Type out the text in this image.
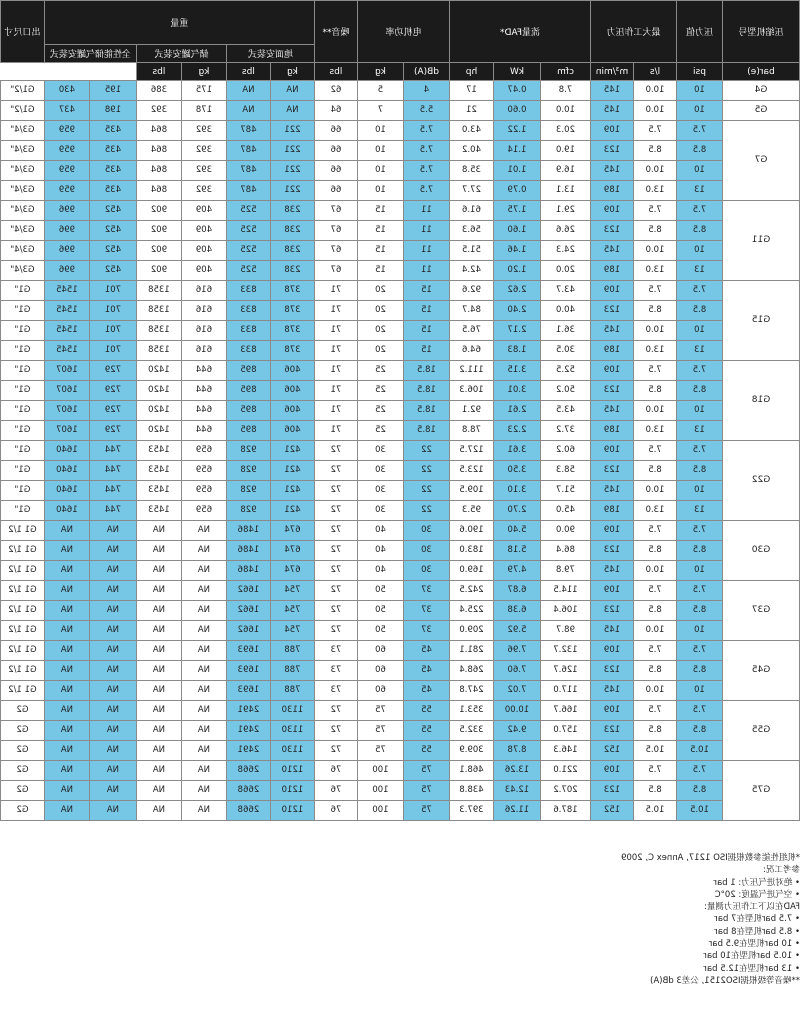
压缩机型号	压力值	最大工作压力		流量FAD*			电机功率		噪音**	重量						出口尺寸
										地面安装式		储气罐安装式		全性能储气罐安装式		
bar(e)	psi	l/s	m³/min	cfm	kW	hp	dB(A)	kg	lbs	kg	lbs	kg	lbs			
G4	10	10.0	145	7.8	0.47	17	4	5	62	NA	NA	175	386	195	430	G1/2"
G5	10	10.0	145	10.0	0.60	21	5.5	7	64	NA	NA	178	392	198	437	G1/2"
G7	7.5	7.5	109	20.3	1.22	43.0	7.5	10	66	221	487	392	864	435	959	G3/4"
	8.5	8.5	123	19.0	1.14	40.2	7.5	10	66	221	487	392	864	435	959	G3/4"
	10	10.0	145	16.9	1.01	35.8	7.5	10	66	221	487	392	864	435	959	G3/4"
	13	13.0	189	13.1	0.79	27.7	7.5	10	66	221	487	392	864	435	959	G3/4"
G11	7.5	7.5	109	29.1	1.75	61.6	11	15	67	238	525	409	902	452	996	G3/4"
	8.5	8.5	123	26.6	1.60	56.3	11	15	67	238	525	409	902	452	996	G3/4"
	10	10.0	145	24.3	1.46	51.5	11	15	67	238	525	409	902	452	996	G3/4"
	13	13.0	189	20.0	1.20	42.4	11	15	67	238	525	409	902	452	996	G3/4"
G15	7.5	7.5	109	43.7	2.62	92.6	15	20	71	378	833	616	1358	701	1545	G1"
	8.5	8.5	123	40.0	2.40	84.7	15	20	71	378	833	616	1358	701	1545	G1"
	10	10.0	145	36.1	2.17	76.5	15	20	71	378	833	616	1358	701	1545	G1"
	13	13.0	189	30.5	1.83	64.6	15	20	71	378	833	616	1358	701	1545	G1"
G18	7.5	7.5	109	52.5	3.15	111.2	18.5	25	71	406	895	644	1420	729	1607	G1"
	8.5	8.5	123	50.2	3.01	106.3	18.5	25	71	406	895	644	1420	729	1607	G1"
	10	10.0	145	43.5	2.61	92.1	18.5	25	71	406	895	644	1420	729	1607	G1"
	13	13.0	189	37.2	2.23	78.8	18.5	25	71	406	895	644	1420	729	1607	G1"
G22	7.5	7.5	109	60.2	3.61	127.5	22	30	72	421	928	659	1453	744	1640	G1"
	8.5	8.5	123	58.3	3.50	123.5	22	30	72	421	928	659	1453	744	1640	G1"
	10	10.0	145	51.7	3.10	109.5	22	30	72	421	928	659	1453	744	1640	G1"
	13	13.0	189	45.0	2.70	95.3	22	30	72	421	928	659	1453	744	1640	G1"
G30	7.5	7.5	109	90.0	5.40	190.6	30	40	72	674	1486	NA	NA	NA	NA	G1 1/2
	8.5	8.5	123	86.4	5.18	183.0	30	40	72	674	1486	NA	NA	NA	NA	G1 1/2
	10	10.0	145	79.8	4.79	169.0	30	40	72	674	1486	NA	NA	NA	NA	G1 1/2
G37	7.5	7.5	109	114.5	6.87	242.5	37	50	72	754	1662	NA	NA	NA	NA	G1 1/2
	8.5	8.5	123	106.4	6.38	225.4	37	50	72	754	1662	NA	NA	NA	NA	G1 1/2
	10	10.0	145	98.7	5.92	209.0	37	50	72	754	1662	NA	NA	NA	NA	G1 1/2
G45	7.5	7.5	109	132.7	7.96	281.1	45	60	73	788	1693	NA	NA	NA	NA	G1 1/2
	8.5	8.5	123	126.7	7.60	268.4	45	60	73	788	1693	NA	NA	NA	NA	G1 1/2
	10	10.0	145	117.0	7.02	247.8	45	60	73	788	1693	NA	NA	NA	NA	G1 1/2
G55	7.5	7.5	109	166.7	10.00	353.1	55	75	72	1130	2491	NA	NA	NA	NA	G2
	8.5	8.5	123	157.0	9.42	332.5	55	75	72	1130	2491	NA	NA	NA	NA	G2
	10.5	10.5	152	146.3	8.78	309.9	55	75	72	1130	2491	NA	NA	NA	NA	G2
G75	7.5	7.5	109	221.0	13.26	468.1	75	100	76	1210	2668	NA	NA	NA	NA	G2
	8.5	8.5	123	207.2	12.43	438.8	75	100	76	1210	2668	NA	NA	NA	NA	G2
	10.5	10.5	152	187.6	11.26	397.3	75	100	76	1210	2668	NA	NA	NA	NA	G2
*机组性能参数根据ISO 1217, Annex C, 2009
参考工况:
• 绝对进气压力: 1 bar
• 空气进气温度: 20°C
FAD在以下工作压力测量:
• 7.5 bar机型在7 bar
• 8.5 bar机型在8 bar
• 10 bar机型在9.5 bar
• 10.5 bar机型在10 bar
• 13 bar机型在12.5 bar
**噪音等级根据ISO2151, 公差3 dB(A)
